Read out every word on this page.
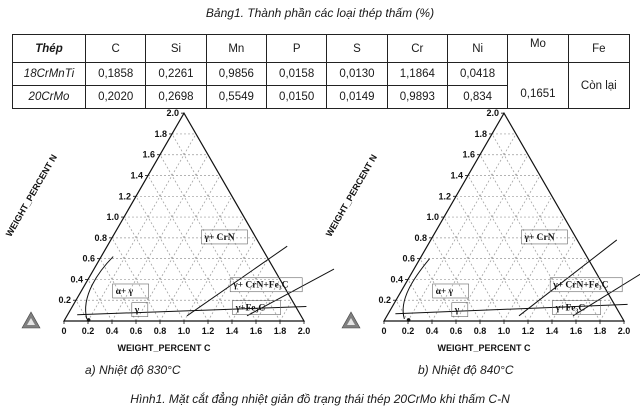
Bảng1. Thành phần các loại thép thấm (%)
Thép	C	Si	Mn	P	S	Cr	Ni	Mo	Fe
18CrMnTi	0,1858	0,2261	0,9856	0,0158	0,0130	1,1864	0,0418	0,1651	Còn lại
20CrMo	0,2020	0,2698	0,5549	0,0150	0,0149	0,9893	0,834		
0 0.2 0.4 0.6 0.8 1.0 1.2 1.4 1.6 1.8 2.0
0.2
0.4
0.6
0.8
1.0
1.2
1.4
1.6
1.8
2.0
WEIGHT_PERCENT C
WEIGHT_PERCENT N	γ+ CrN
α+ γ
γ
γ+ CrN+Fe₃C
γ+Fe₃C
0 0.2 0.4 0.6 0.8 1.0 1.2 1.4 1.6 1.8 2.0
0.2
0.4
0.6
0.8
1.0
1.2
1.4
1.6
1.8
2.0
WEIGHT_PERCENT C
WEIGHT_PERCENT N	γ+ CrN
α+ γ
γ
γ+ CrN+Fe₃C
γ+Fe₃C
a) Nhiệt độ 830°C	b) Nhiệt độ 840°C
Hình1. Mặt cắt đẳng nhiệt giản đồ trạng thái thép 20CrMo khi thấm C-N
